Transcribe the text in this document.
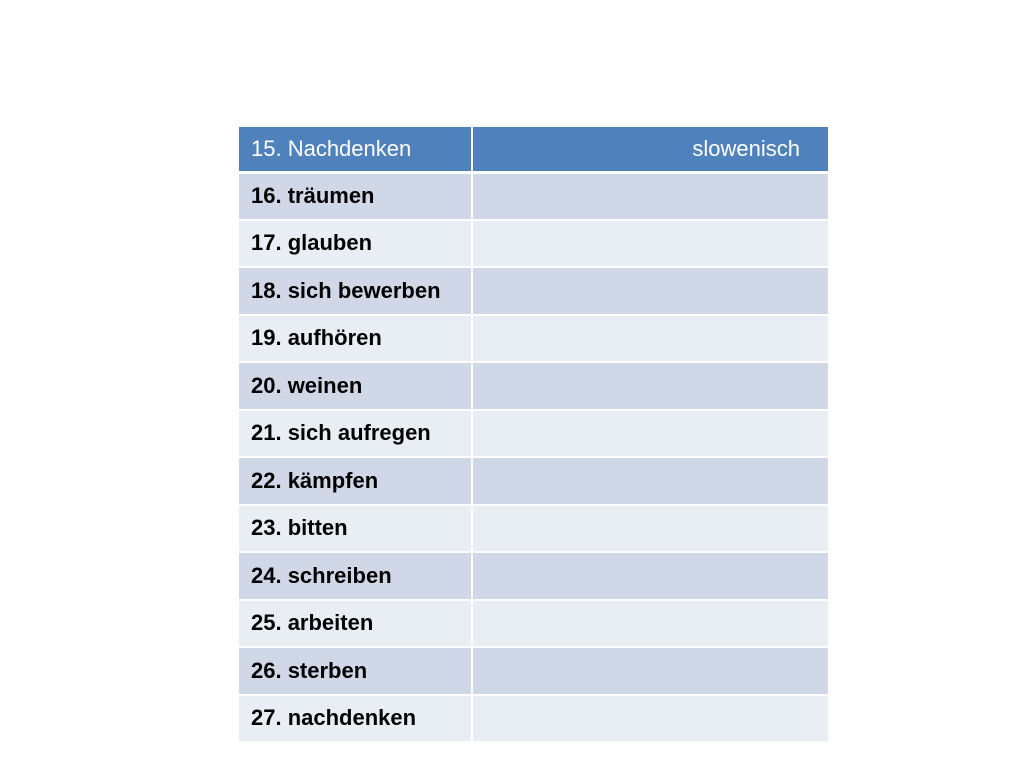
15. Nachdenken	slowenisch
16. träumen	
17. glauben	
18. sich bewerben	
19. aufhören	
20. weinen	
21. sich aufregen	
22. kämpfen	
23. bitten	
24. schreiben	
25. arbeiten	
26. sterben	
27. nachdenken	
